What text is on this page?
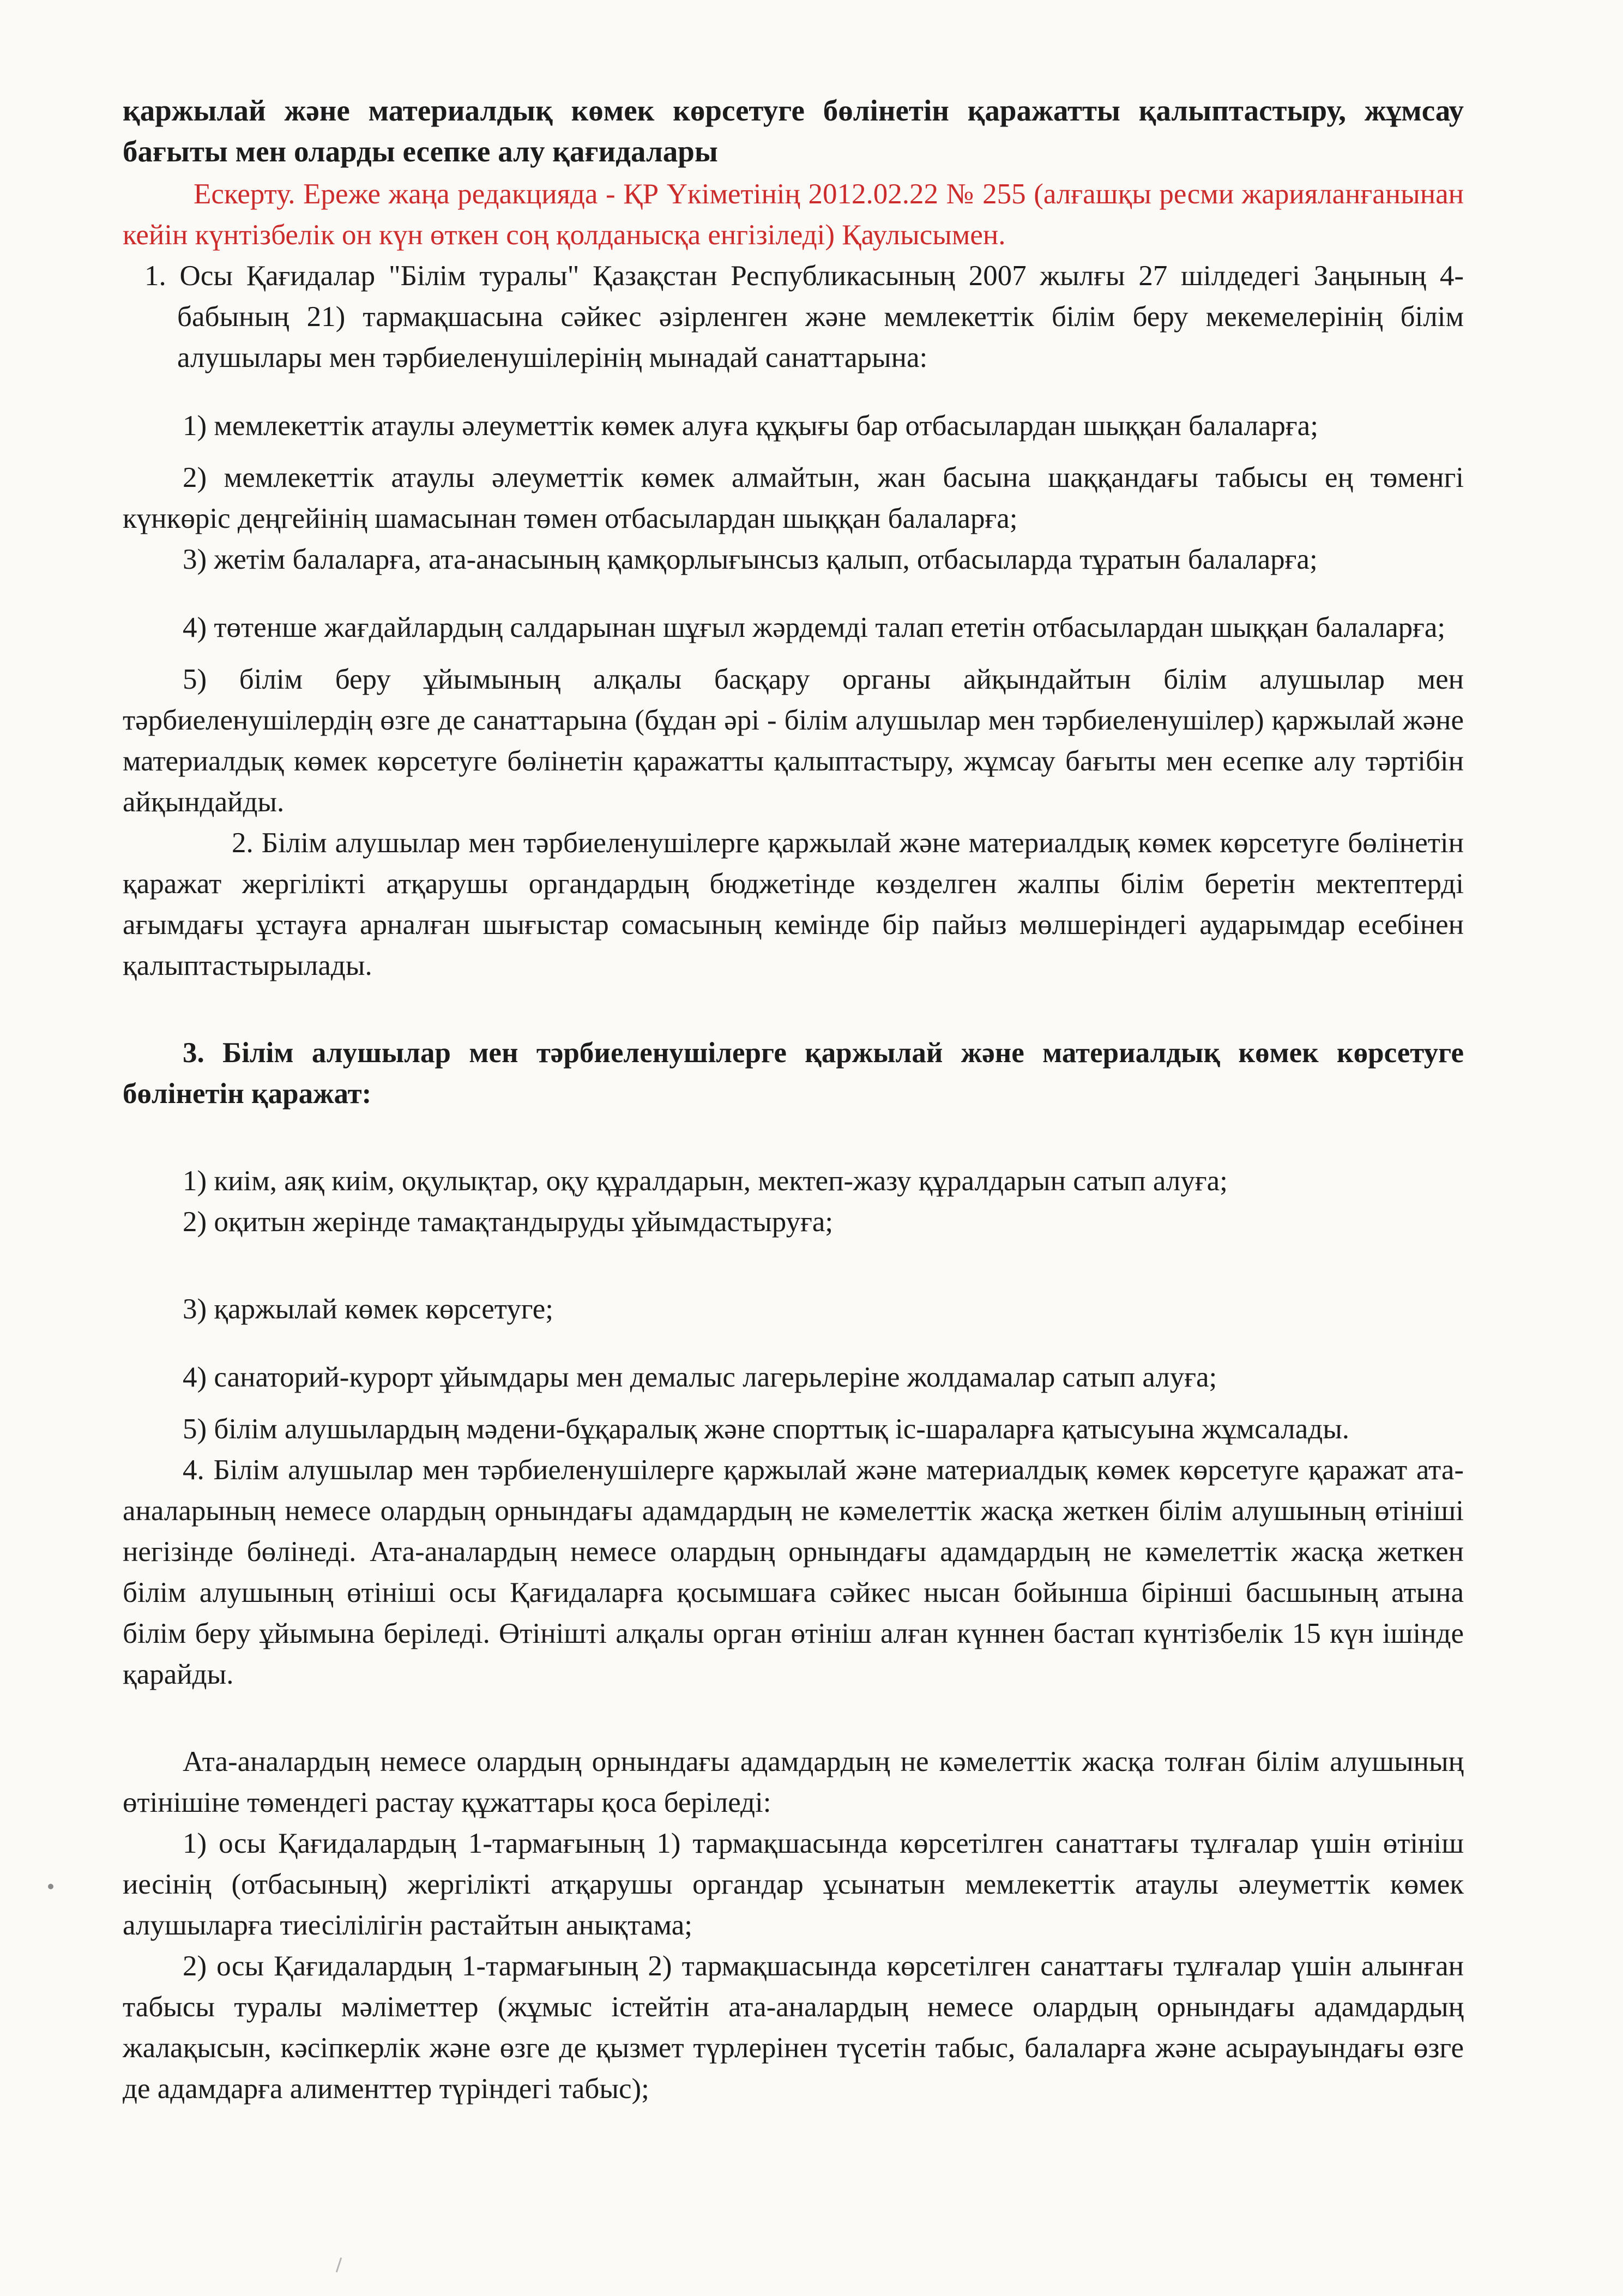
қаржылай және материалдық көмек көрсетуге бөлінетін қаражатты қалыптастыру, жұмсау бағыты мен оларды есепке алу қағидалары

Ескерту. Ереже жаңа редакцияда - ҚР Үкіметінің 2012.02.22 № 255 (алғашқы ресми жарияланғанынан кейін күнтізбелік он күн өткен соң қолданысқа енгізіледі) Қаулысымен.

1. Осы Қағидалар "Білім туралы" Қазақстан Республикасының 2007 жылғы 27 шілдедегі Заңының 4-бабының 21) тармақшасына сәйкес әзірленген және мемлекеттік білім беру мекемелерінің білім алушылары мен тәрбиеленушілерінің мынадай санаттарына:

1) мемлекеттік атаулы әлеуметтік көмек алуға құқығы бар отбасылардан шыққан балаларға;

2) мемлекеттік атаулы әлеуметтік көмек алмайтын, жан басына шаққандағы табысы ең төменгі күнкөріс деңгейінің шамасынан төмен отбасылардан шыққан балаларға;

3) жетім балаларға, ата-анасының қамқорлығынсыз қалып, отбасыларда тұратын балаларға;

4) төтенше жағдайлардың салдарынан шұғыл жәрдемді талап ететін отбасылардан шыққан балаларға;

5) білім беру ұйымының алқалы басқару органы айқындайтын білім алушылар мен тәрбиеленушілердің өзге де санаттарына (бұдан әрі - білім алушылар мен тәрбиеленушілер) қаржылай және материалдық көмек көрсетуге бөлінетін қаражатты қалыптастыру, жұмсау бағыты мен есепке алу тәртібін айқындайды.

2. Білім алушылар мен тәрбиеленушілерге қаржылай және материалдық көмек көрсетуге бөлінетін қаражат жергілікті атқарушы органдардың бюджетінде көзделген жалпы білім беретін мектептерді ағымдағы ұстауға арналған шығыстар сомасының кемінде бір пайыз мөлшеріндегі аударымдар есебінен қалыптастырылады.

3. Білім алушылар мен тәрбиеленушілерге қаржылай және материалдық көмек көрсетуге бөлінетін қаражат:

1) киім, аяқ киім, оқулықтар, оқу құралдарын, мектеп-жазу құралдарын сатып алуға;

2) оқитын жерінде тамақтандыруды ұйымдастыруға;

3) қаржылай көмек көрсетуге;

4) санаторий-курорт ұйымдары мен демалыс лагерьлеріне жолдамалар сатып алуға;

5) білім алушылардың мәдени-бұқаралық және спорттық іс-шараларға қатысуына жұмсалады.

4. Білім алушылар мен тәрбиеленушілерге қаржылай және материалдық көмек көрсетуге қаражат ата-аналарының немесе олардың орнындағы адамдардың не кәмелеттік жасқа жеткен білім алушының өтініші негізінде бөлінеді. Ата-аналардың немесе олардың орнындағы адамдардың не кәмелеттік жасқа жеткен білім алушының өтініші осы Қағидаларға қосымшаға сәйкес нысан бойынша бірінші басшының атына білім беру ұйымына беріледі. Өтінішті алқалы орган өтініш алған күннен бастап күнтізбелік 15 күн ішінде қарайды.

Ата-аналардың немесе олардың орнындағы адамдардың не кәмелеттік жасқа толған білім алушының өтінішіне төмендегі растау құжаттары қоса беріледі:

1) осы Қағидалардың 1-тармағының 1) тармақшасында көрсетілген санаттағы тұлғалар үшін өтініш иесінің (отбасының) жергілікті атқарушы органдар ұсынатын мемлекеттік атаулы әлеуметтік көмек алушыларға тиесілілігін растайтын анықтама;

2) осы Қағидалардың 1-тармағының 2) тармақшасында көрсетілген санаттағы тұлғалар үшін алынған табысы туралы мәліметтер (жұмыс істейтін ата-аналардың немесе олардың орнындағы адамдардың жалақысын, кәсіпкерлік және өзге де қызмет түрлерінен түсетін табыс, балаларға және асырауындағы өзге де адамдарға алименттер түріндегі табыс);
